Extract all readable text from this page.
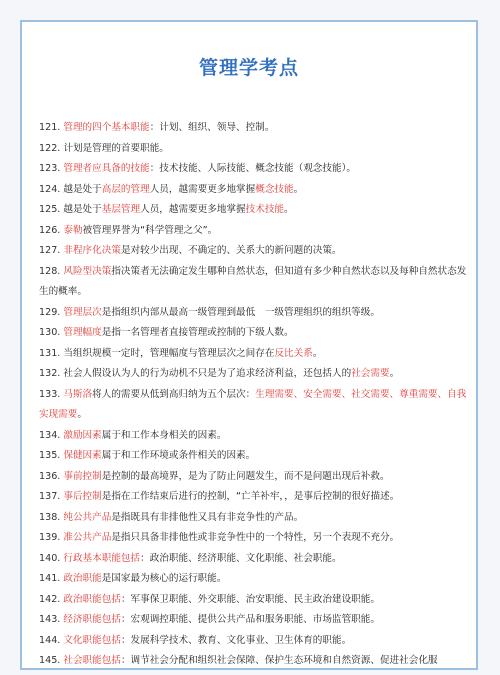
管理学考点
121. 管理的四个基本职能：计划、组织、领导、控制。
122. 计划是管理的首要职能。
123. 管理者应具备的技能：技术技能、人际技能、概念技能（观念技能）。
124. 越是处于高层的管理人员，越需要更多地掌握概念技能。
125. 越是处于基层管理人员，越需要更多地掌握技术技能。
126. 泰勒被管理界誉为“科学管理之父”。
127. 非程序化决策是对较少出现、不确定的、关系大的新问题的决策。
128. 风险型决策指决策者无法确定发生哪种自然状态，但知道有多少种自然状态以及每种自然状态发生的概率。
129. 管理层次是指组织内部从最高一级管理到最低　一级管理组织的组织等级。
130. 管理幅度是指一名管理者直接管理或控制的下级人数。
131. 当组织规模一定时，管理幅度与管理层次之间存在反比关系。
132. 社会人假设认为人的行为动机不只是为了追求经济利益，还包括人的社会需要。
133. 马斯洛将人的需要从低到高归纳为五个层次：生理需要、安全需要、社交需要、尊重需要、自我实现需要。
134. 激励因素属于和工作本身相关的因素。
135. 保健因素属于和工作环境或条件相关的因素。
136. 事前控制是控制的最高境界，是为了防止问题发生，而不是问题出现后补救。
137. 事后控制是指在工作结束后进行的控制，“亡羊补牢，，是事后控制的很好描述。
138. 纯公共产品是指既具有非排他性又具有非竞争性的产品。
139. 准公共产品是指只具备非排他性或非竞争性中的一个特性，另一个表现不充分。
140. 行政基本职能包括：政治职能、经济职能、文化职能、社会职能。
141. 政治职能是国家最为核心的运行职能。
142. 政治职能包括：军事保卫职能、外交职能、治安职能、民主政治建设职能。
143. 经济职能包括：宏观调控职能、提供公共产品和服务职能、市场监管职能。
144. 文化职能包括：发展科学技术、教育、文化事业、卫生体育的职能。
145. 社会职能包括：调节社会分配和组织社会保障、保护生态环境和自然资源、促进社会化服
